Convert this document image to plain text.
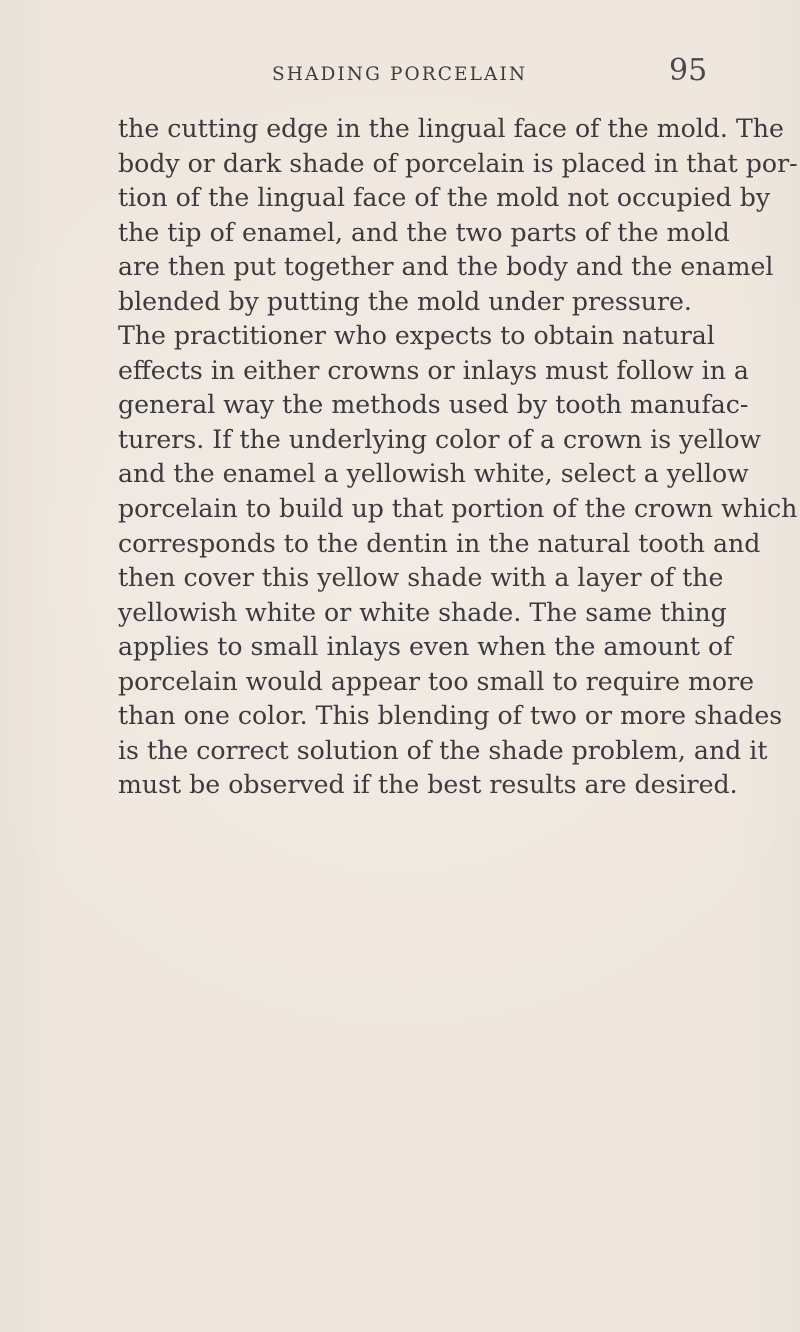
SHADING PORCELAIN	95
the cutting edge in the lingual face of the mold. The
body or dark shade of porcelain is placed in that por-
tion of the lingual face of the mold not occupied by
the tip of enamel, and the two parts of the mold
are then put together and the body and the enamel
blended by putting the mold under pressure.
The practitioner who expects to obtain natural
effects in either crowns or inlays must follow in a
general way the methods used by tooth manufac-
turers. If the underlying color of a crown is yellow
and the enamel a yellowish white, select a yellow
porcelain to build up that portion of the crown which
corresponds to the dentin in the natural tooth and
then cover this yellow shade with a layer of the
yellowish white or white shade. The same thing
applies to small inlays even when the amount of
porcelain would appear too small to require more
than one color. This blending of two or more shades
is the correct solution of the shade problem, and it
must be observed if the best results are desired.
